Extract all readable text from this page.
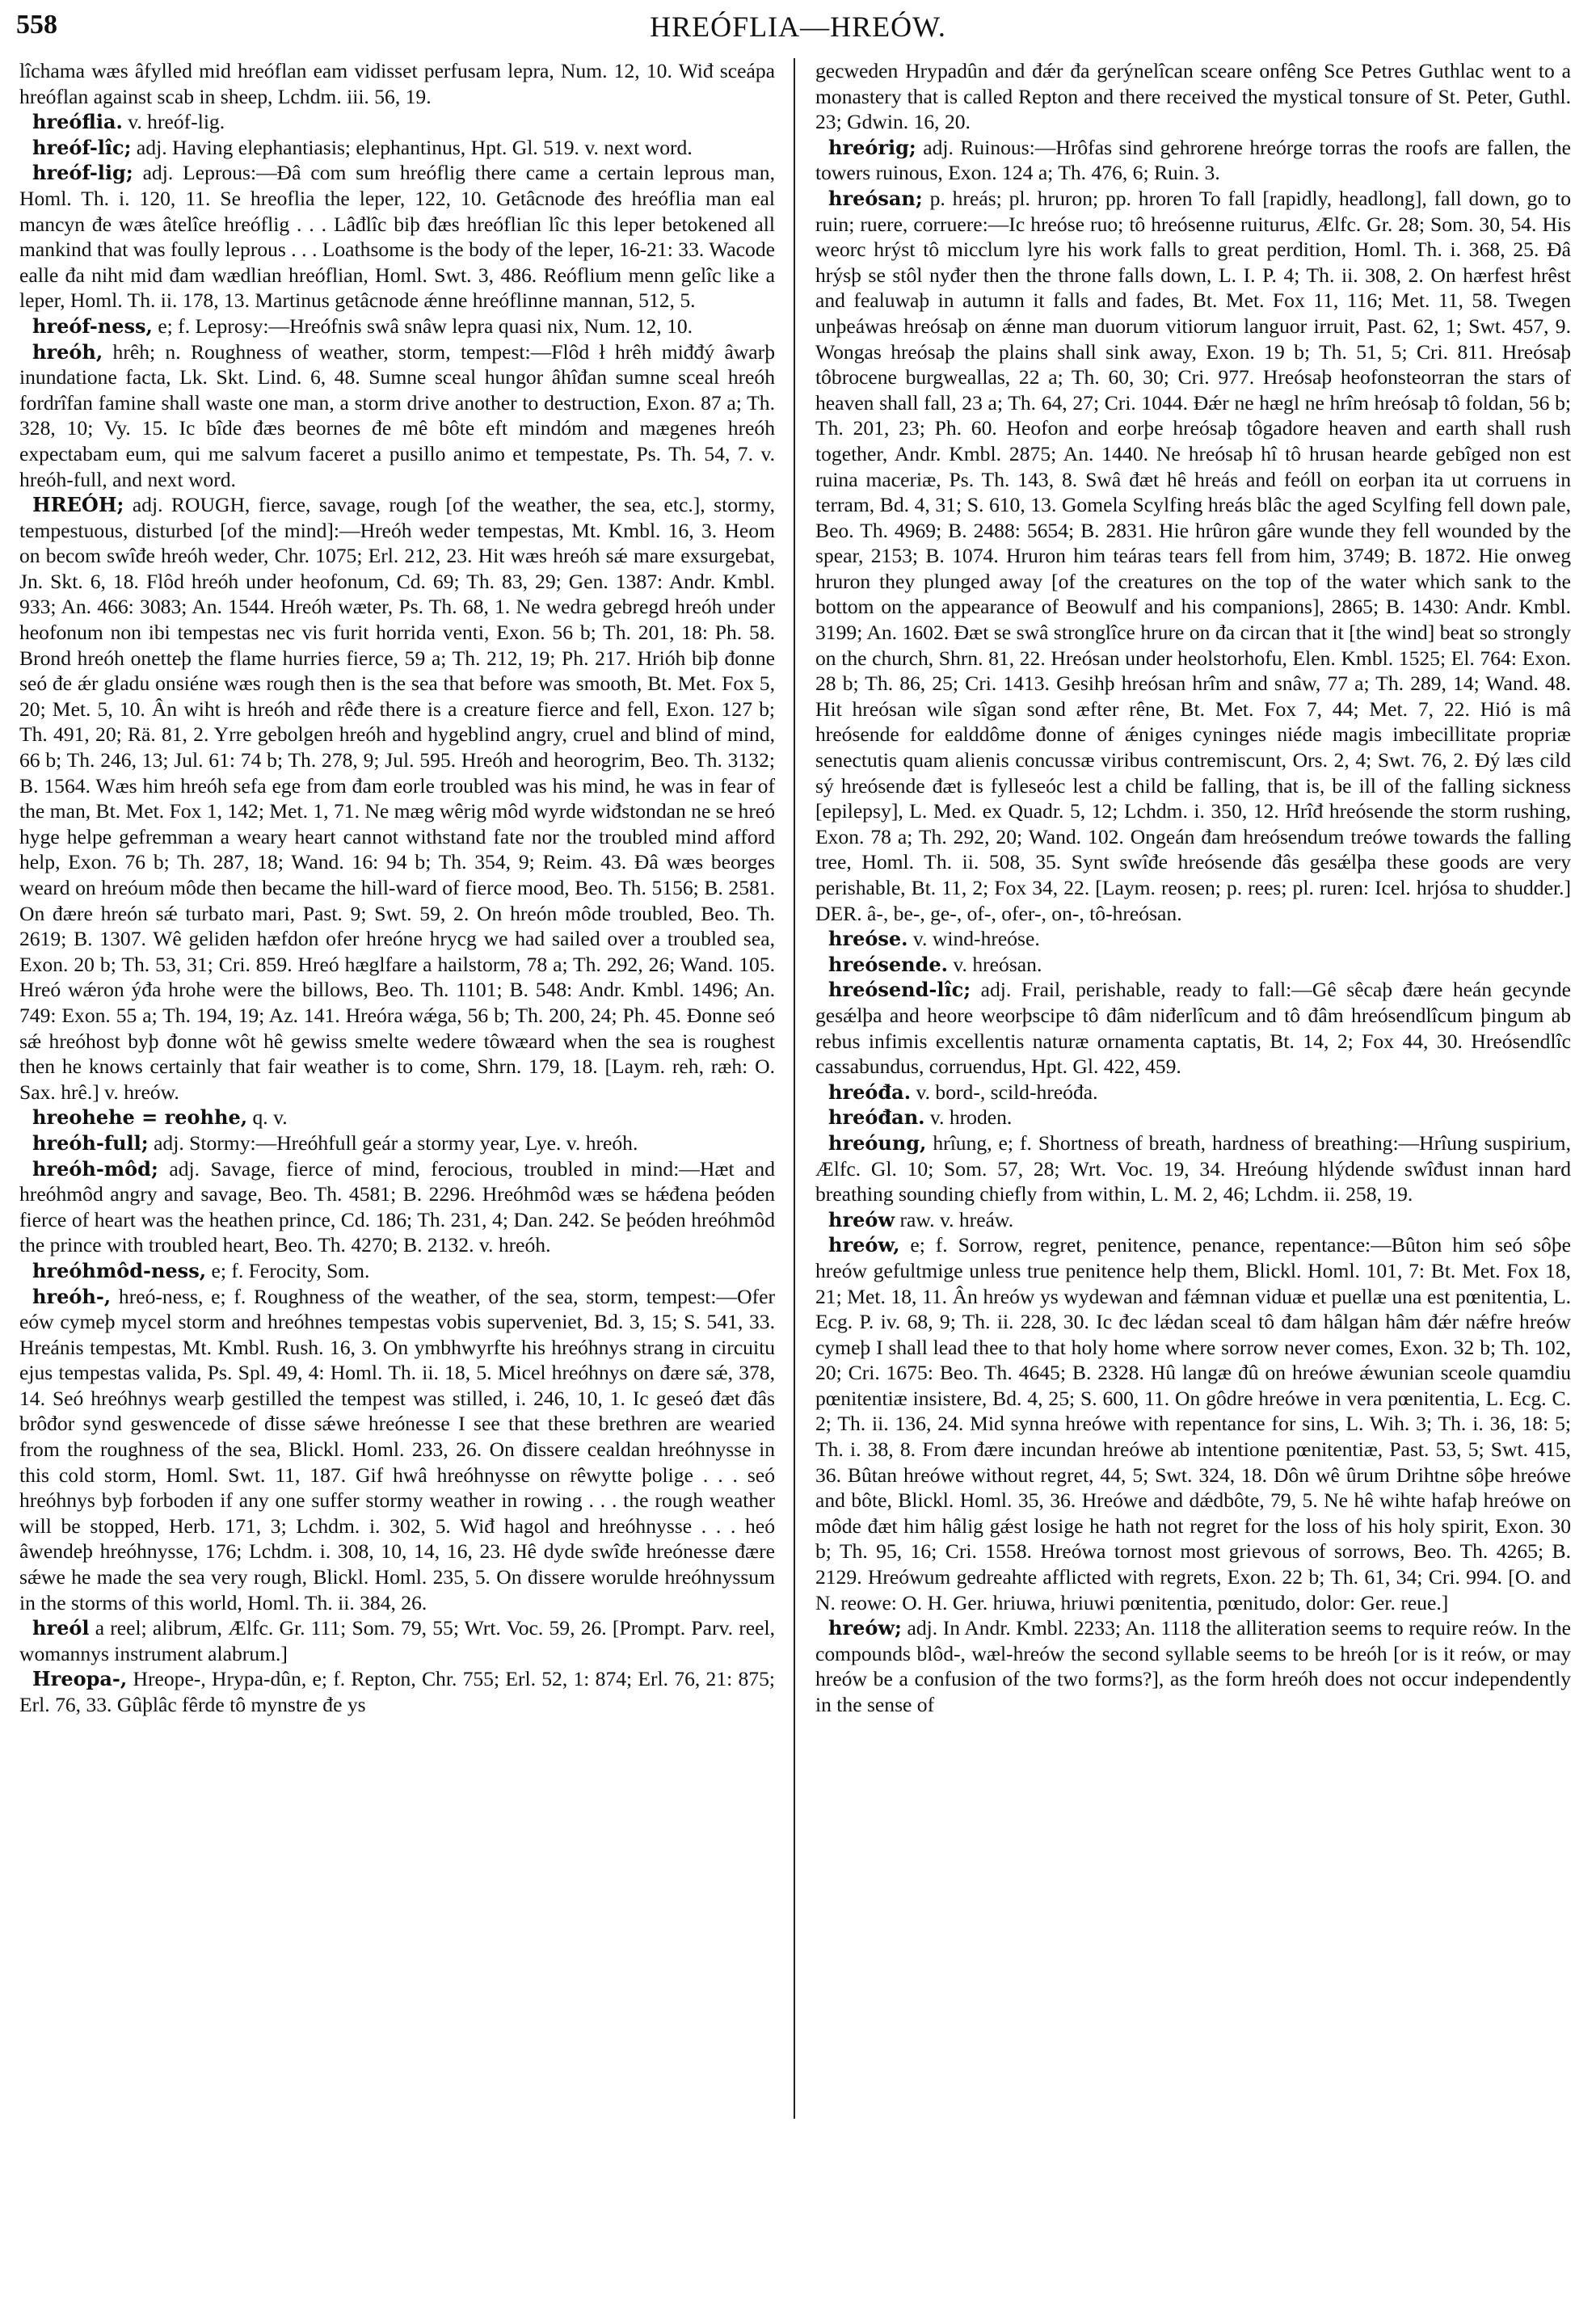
558	HREÓFLIA—HREÓW.

lîchama wæs âfylled mid hreóflan eam vidisset perfusam lepra, Num. 12, 10. Wiđ sceápa hreóflan against scab in sheep, Lchdm. iii. 56, 19.

hreóflia. v. hreóf-lig.

hreóf-lîc; adj. Having elephantiasis; elephantinus, Hpt. Gl. 519. v. next word.

hreóf-lig; adj. Leprous:—Đâ com sum hreóflig there came a certain leprous man, Homl. Th. i. 120, 11. Se hreoflia the leper, 122, 10. Getâcnode đes hreóflia man eal mancyn đe wæs âtelîce hreóflig . . . Lâđlîc biþ đæs hreóflian lîc this leper betokened all mankind that was foully leprous . . . Loathsome is the body of the leper, 16-21: 33. Wacode ealle đa niht mid đam wædlian hreóflian, Homl. Swt. 3, 486. Reóflium menn gelîc like a leper, Homl. Th. ii. 178, 13. Martinus getâcnode ǽnne hreóflinne mannan, 512, 5.

hreóf-ness, e; f. Leprosy:—Hreófnis swâ snâw lepra quasi nix, Num. 12, 10.

hreóh, hrêh; n. Roughness of weather, storm, tempest:—Flôd ł hrêh miđđý âwarþ inundatione facta, Lk. Skt. Lind. 6, 48. Sumne sceal hungor âhîđan sumne sceal hreóh fordrîfan famine shall waste one man, a storm drive another to destruction, Exon. 87 a; Th. 328, 10; Vy. 15. Ic bîde đæs beornes đe mê bôte eft mindóm and mægenes hreóh expectabam eum, qui me salvum faceret a pusillo animo et tempestate, Ps. Th. 54, 7. v. hreóh-full, and next word.

HREÓH; adj. ROUGH, fierce, savage, rough [of the weather, the sea, etc.], stormy, tempestuous, disturbed [of the mind]:—Hreóh weder tempestas, Mt. Kmbl. 16, 3. Heom on becom swîđe hreóh weder, Chr. 1075; Erl. 212, 23. Hit wæs hreóh sǽ mare exsurgebat, Jn. Skt. 6, 18. Flôd hreóh under heofonum, Cd. 69; Th. 83, 29; Gen. 1387: Andr. Kmbl. 933; An. 466: 3083; An. 1544. Hreóh wæter, Ps. Th. 68, 1. Ne wedra gebregd hreóh under heofonum non ibi tempestas nec vis furit horrida venti, Exon. 56 b; Th. 201, 18: Ph. 58. Brond hreóh onetteþ the flame hurries fierce, 59 a; Th. 212, 19; Ph. 217. Hrióh biþ đonne seó đe ǽr gladu onsiéne wæs rough then is the sea that before was smooth, Bt. Met. Fox 5, 20; Met. 5, 10. Ân wiht is hreóh and rêđe there is a creature fierce and fell, Exon. 127 b; Th. 491, 20; Rä. 81, 2. Yrre gebolgen hreóh and hygeblind angry, cruel and blind of mind, 66 b; Th. 246, 13; Jul. 61: 74 b; Th. 278, 9; Jul. 595. Hreóh and heorogrim, Beo. Th. 3132; B. 1564. Wæs him hreóh sefa ege from đam eorle troubled was his mind, he was in fear of the man, Bt. Met. Fox 1, 142; Met. 1, 71. Ne mæg wêrig môd wyrde wiđstondan ne se hreó hyge helpe gefremman a weary heart cannot withstand fate nor the troubled mind afford help, Exon. 76 b; Th. 287, 18; Wand. 16: 94 b; Th. 354, 9; Reim. 43. Đâ wæs beorges weard on hreóum môde then became the hill-ward of fierce mood, Beo. Th. 5156; B. 2581. On đære hreón sǽ turbato mari, Past. 9; Swt. 59, 2. On hreón môde troubled, Beo. Th. 2619; B. 1307. Wê geliden hæfdon ofer hreóne hrycg we had sailed over a troubled sea, Exon. 20 b; Th. 53, 31; Cri. 859. Hreó hæglfare a hailstorm, 78 a; Th. 292, 26; Wand. 105. Hreó wǽron ýđa hrohe were the billows, Beo. Th. 1101; B. 548: Andr. Kmbl. 1496; An. 749: Exon. 55 a; Th. 194, 19; Az. 141. Hreóra wǽga, 56 b; Th. 200, 24; Ph. 45. Đonne seó sǽ hreóhost byþ đonne wôt hê gewiss smelte wedere tôwæard when the sea is roughest then he knows certainly that fair weather is to come, Shrn. 179, 18. [Laym. reh, ræh: O. Sax. hrê.] v. hreów.

hreohehe = reohhe, q. v.

hreóh-full; adj. Stormy:—Hreóhfull geár a stormy year, Lye. v. hreóh.

hreóh-môd; adj. Savage, fierce of mind, ferocious, troubled in mind:—Hæt and hreóhmôd angry and savage, Beo. Th. 4581; B. 2296. Hreóhmôd wæs se hǽđena þeóden fierce of heart was the heathen prince, Cd. 186; Th. 231, 4; Dan. 242. Se þeóden hreóhmôd the prince with troubled heart, Beo. Th. 4270; B. 2132. v. hreóh.

hreóhmôd-ness, e; f. Ferocity, Som.

hreóh-, hreó-ness, e; f. Roughness of the weather, of the sea, storm, tempest:—Ofer eów cymeþ mycel storm and hreóhnes tempestas vobis superveniet, Bd. 3, 15; S. 541, 33. Hreánis tempestas, Mt. Kmbl. Rush. 16, 3. On ymbhwyrfte his hreóhnys strang in circuitu ejus tempestas valida, Ps. Spl. 49, 4: Homl. Th. ii. 18, 5. Micel hreóhnys on đære sǽ, 378, 14. Seó hreóhnys wearþ gestilled the tempest was stilled, i. 246, 10, 1. Ic geseó đæt đâs brôđor synd geswencede of đisse sǽwe hreónesse I see that these brethren are wearied from the roughness of the sea, Blickl. Homl. 233, 26. On đissere cealdan hreóhnysse in this cold storm, Homl. Swt. 11, 187. Gif hwâ hreóhnysse on rêwytte þolige . . . seó hreóhnys byþ forboden if any one suffer stormy weather in rowing . . . the rough weather will be stopped, Herb. 171, 3; Lchdm. i. 302, 5. Wiđ hagol and hreóhnysse . . . heó âwendeþ hreóhnysse, 176; Lchdm. i. 308, 10, 14, 16, 23. Hê dyde swîđe hreónesse đære sǽwe he made the sea very rough, Blickl. Homl. 235, 5. On đissere worulde hreóhnyssum in the storms of this world, Homl. Th. ii. 384, 26.

hreól a reel; alibrum, Ælfc. Gr. 111; Som. 79, 55; Wrt. Voc. 59, 26. [Prompt. Parv. reel, womannys instrument alabrum.]

Hreopa-, Hreope-, Hrypa-dûn, e; f. Repton, Chr. 755; Erl. 52, 1: 874; Erl. 76, 21: 875; Erl. 76, 33. Gûþlâc fêrde tô mynstre đe ys

gecweden Hrypadûn and đǽr đa gerýnelîcan sceare onfêng Sce Petres Guthlac went to a monastery that is called Repton and there received the mystical tonsure of St. Peter, Guthl. 23; Gdwin. 16, 20.

hreórig; adj. Ruinous:—Hrôfas sind gehrorene hreórge torras the roofs are fallen, the towers ruinous, Exon. 124 a; Th. 476, 6; Ruin. 3.

hreósan; p. hreás; pl. hruron; pp. hroren To fall [rapidly, headlong], fall down, go to ruin; ruere, corruere:—Ic hreóse ruo; tô hreósenne ruiturus, Ælfc. Gr. 28; Som. 30, 54. His weorc hrýst tô micclum lyre his work falls to great perdition, Homl. Th. i. 368, 25. Đâ hrýsþ se stôl nyđer then the throne falls down, L. I. P. 4; Th. ii. 308, 2. On hærfest hrêst and fealuwaþ in autumn it falls and fades, Bt. Met. Fox 11, 116; Met. 11, 58. Twegen unþeáwas hreósaþ on ǽnne man duorum vitiorum languor irruit, Past. 62, 1; Swt. 457, 9. Wongas hreósaþ the plains shall sink away, Exon. 19 b; Th. 51, 5; Cri. 811. Hreósaþ tôbrocene burgweallas, 22 a; Th. 60, 30; Cri. 977. Hreósaþ heofonsteorran the stars of heaven shall fall, 23 a; Th. 64, 27; Cri. 1044. Đǽr ne hægl ne hrîm hreósaþ tô foldan, 56 b; Th. 201, 23; Ph. 60. Heofon and eorþe hreósaþ tôgadore heaven and earth shall rush together, Andr. Kmbl. 2875; An. 1440. Ne hreósaþ hî tô hrusan hearde gebîged non est ruina maceriæ, Ps. Th. 143, 8. Swâ đæt hê hreás and feóll on eorþan ita ut corruens in terram, Bd. 4, 31; S. 610, 13. Gomela Scylfing hreás blâc the aged Scylfing fell down pale, Beo. Th. 4969; B. 2488: 5654; B. 2831. Hie hrûron gâre wunde they fell wounded by the spear, 2153; B. 1074. Hruron him teáras tears fell from him, 3749; B. 1872. Hie onweg hruron they plunged away [of the creatures on the top of the water which sank to the bottom on the appearance of Beowulf and his companions], 2865; B. 1430: Andr. Kmbl. 3199; An. 1602. Đæt se swâ stronglîce hrure on đa circan that it [the wind] beat so strongly on the church, Shrn. 81, 22. Hreósan under heolstorhofu, Elen. Kmbl. 1525; El. 764: Exon. 28 b; Th. 86, 25; Cri. 1413. Gesihþ hreósan hrîm and snâw, 77 a; Th. 289, 14; Wand. 48. Hit hreósan wile sîgan sond æfter rêne, Bt. Met. Fox 7, 44; Met. 7, 22. Hió is mâ hreósende for ealddôme đonne of ǽniges cyninges niéde magis imbecillitate propriæ senectutis quam alienis concussæ viribus contremiscunt, Ors. 2, 4; Swt. 76, 2. Đý læs cild sý hreósende đæt is fylleseóc lest a child be falling, that is, be ill of the falling sickness [epilepsy], L. Med. ex Quadr. 5, 12; Lchdm. i. 350, 12. Hrîđ hreósende the storm rushing, Exon. 78 a; Th. 292, 20; Wand. 102. Ongeán đam hreósendum treówe towards the falling tree, Homl. Th. ii. 508, 35. Synt swîđe hreósende đâs gesǽlþa these goods are very perishable, Bt. 11, 2; Fox 34, 22. [Laym. reosen; p. rees; pl. ruren: Icel. hrjósa to shudder.] DER. â-, be-, ge-, of-, ofer-, on-, tô-hreósan.

hreóse. v. wind-hreóse.

hreósende. v. hreósan.

hreósend-lîc; adj. Frail, perishable, ready to fall:—Gê sêcaþ đære heán gecynde gesǽlþa and heore weorþscipe tô đâm niđerlîcum and tô đâm hreósendlîcum þingum ab rebus infimis excellentis naturæ ornamenta captatis, Bt. 14, 2; Fox 44, 30. Hreósendlîc cassabundus, corruendus, Hpt. Gl. 422, 459.

hreóđa. v. bord-, scild-hreóđa.

hreóđan. v. hroden.

hreóung, hrîung, e; f. Shortness of breath, hardness of breathing:—Hrîung suspirium, Ælfc. Gl. 10; Som. 57, 28; Wrt. Voc. 19, 34. Hreóung hlýdende swîđust innan hard breathing sounding chiefly from within, L. M. 2, 46; Lchdm. ii. 258, 19.

hreów raw. v. hreáw.

hreów, e; f. Sorrow, regret, penitence, penance, repentance:—Bûton him seó sôþe hreów gefultmige unless true penitence help them, Blickl. Homl. 101, 7: Bt. Met. Fox 18, 21; Met. 18, 11. Ân hreów ys wydewan and fǽmnan viduæ et puellæ una est pœnitentia, L. Ecg. P. iv. 68, 9; Th. ii. 228, 30. Ic đec lǽdan sceal tô đam hâlgan hâm đǽr nǽfre hreów cymeþ I shall lead thee to that holy home where sorrow never comes, Exon. 32 b; Th. 102, 20; Cri. 1675: Beo. Th. 4645; B. 2328. Hû langæ đû on hreówe ǽwunian sceole quamdiu pœnitentiæ insistere, Bd. 4, 25; S. 600, 11. On gôdre hreówe in vera pœnitentia, L. Ecg. C. 2; Th. ii. 136, 24. Mid synna hreówe with repentance for sins, L. Wih. 3; Th. i. 36, 18: 5; Th. i. 38, 8. From đære incundan hreówe ab intentione pœnitentiæ, Past. 53, 5; Swt. 415, 36. Bûtan hreówe without regret, 44, 5; Swt. 324, 18. Dôn wê ûrum Drihtne sôþe hreówe and bôte, Blickl. Homl. 35, 36. Hreówe and dǽdbôte, 79, 5. Ne hê wihte hafaþ hreówe on môde đæt him hâlig gǽst losige he hath not regret for the loss of his holy spirit, Exon. 30 b; Th. 95, 16; Cri. 1558. Hreówa tornost most grievous of sorrows, Beo. Th. 4265; B. 2129. Hreówum gedreahte afflicted with regrets, Exon. 22 b; Th. 61, 34; Cri. 994. [O. and N. reowe: O. H. Ger. hriuwa, hriuwi pœnitentia, pœnitudo, dolor: Ger. reue.]

hreów; adj. In Andr. Kmbl. 2233; An. 1118 the alliteration seems to require reów. In the compounds blôd-, wæl-hreów the second syllable seems to be hreóh [or is it reów, or may hreów be a confusion of the two forms?], as the form hreóh does not occur independently in the sense of
